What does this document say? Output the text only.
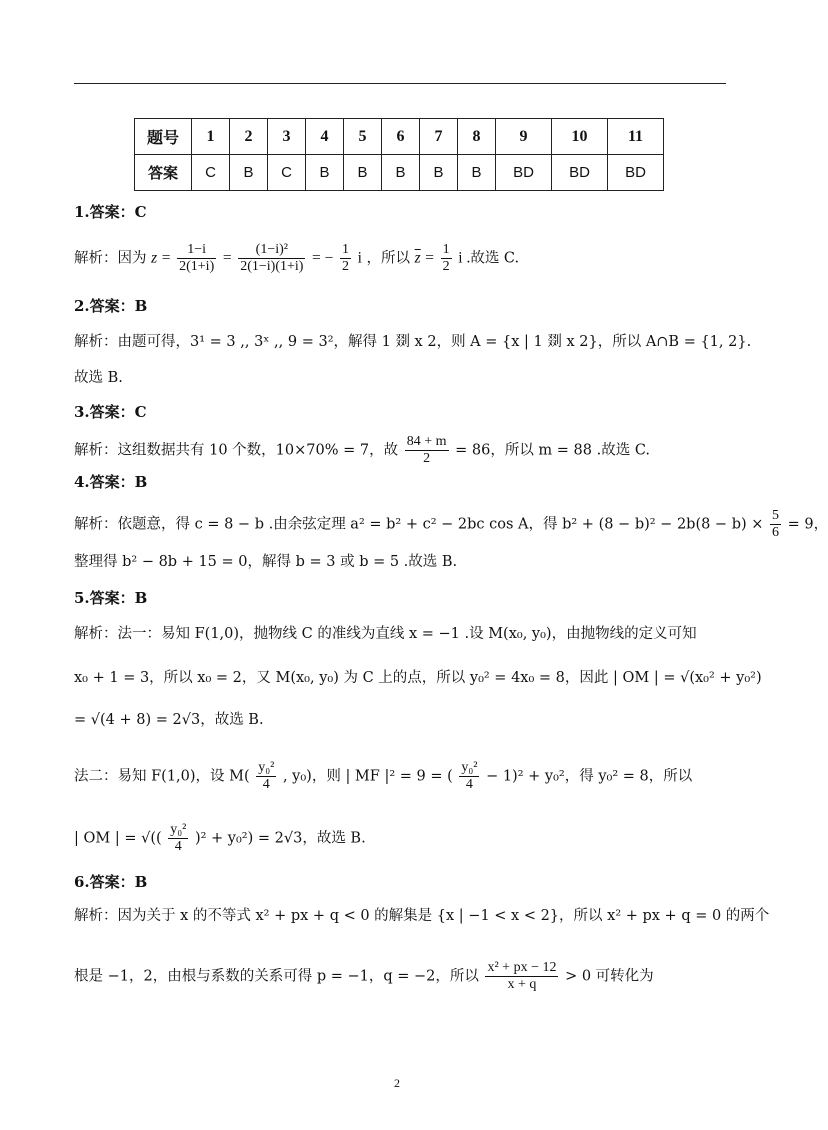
题号	1	2	3	4	5	6	7	8	9	10	11
答案	C	B	C	B	B	B	B	B	BD	BD	BD
1.答案：C
解析：因为 $z = \frac{1-i}{2(1+i)} = \frac{\text{(1−i)²}}{2(1-i)(1+i)}$ = − $\frac{1}{2}$ i ，所以 $\overline{z} = \frac{1}{2}$ i .故选 C.
2.答案：B
解析：由题可得，3¹ = 3 ,, 3ˣ ,, 9 = 3²，解得 1 剟 x 2，则 A = {x | 1 剟 x 2}，所以 A∩B = {1, 2}.
故选 B.
3.答案：C
解析：这组数据共有 10 个数，10×70% = 7，故 $\frac{84 + m}{2} = 86$，所以 m = 88 .故选 C.
4.答案：B
解析：依题意，得 c = 8 − b .由余弦定理 a² = b² + c² − 2bc cos A，得 $b^2 + (8 - b)^2 - 2b(8 - b) \times \frac{5}{6} = 9$，
整理得 b² − 8b + 15 = 0，解得 b = 3 或 b = 5 .故选 B.
5.答案：B
解析：法一：易知 F(1,0)，抛物线 C 的准线为直线 x = −1 .设 M(x₀, y₀)，由抛物线的定义可知
x₀ + 1 = 3，所以 x₀ = 2，又 M(x₀, y₀) 为 C 上的点，所以 y₀² = 4x₀ = 8，因此 | OM | = √(x₀² + y₀²)
= √(4 + 8) = 2√3，故选 B.
法二：易知 F(1,0)，设 $M( \frac{\text{y₀²}}{4}$ , y₀)，则 | MF |² = 9 = ( $\frac{\text{y₀²}}{4} - 1)^2 + y_0^2$，得 y₀² = 8，所以
| OM | = √(( $\frac{\text{y₀²}}{4} )^2 + y_0^2) = 2√3$，故选 B.
6.答案：B
解析：因为关于 x 的不等式 x² + px + q < 0 的解集是 {x | −1 < x < 2}，所以 x² + px + q = 0 的两个
根是 −1，2，由根与系数的关系可得 p = −1，q = −2，所以 $\frac{\text{x² + px − 12}}{x + q} > 0$ 可转化为
2
